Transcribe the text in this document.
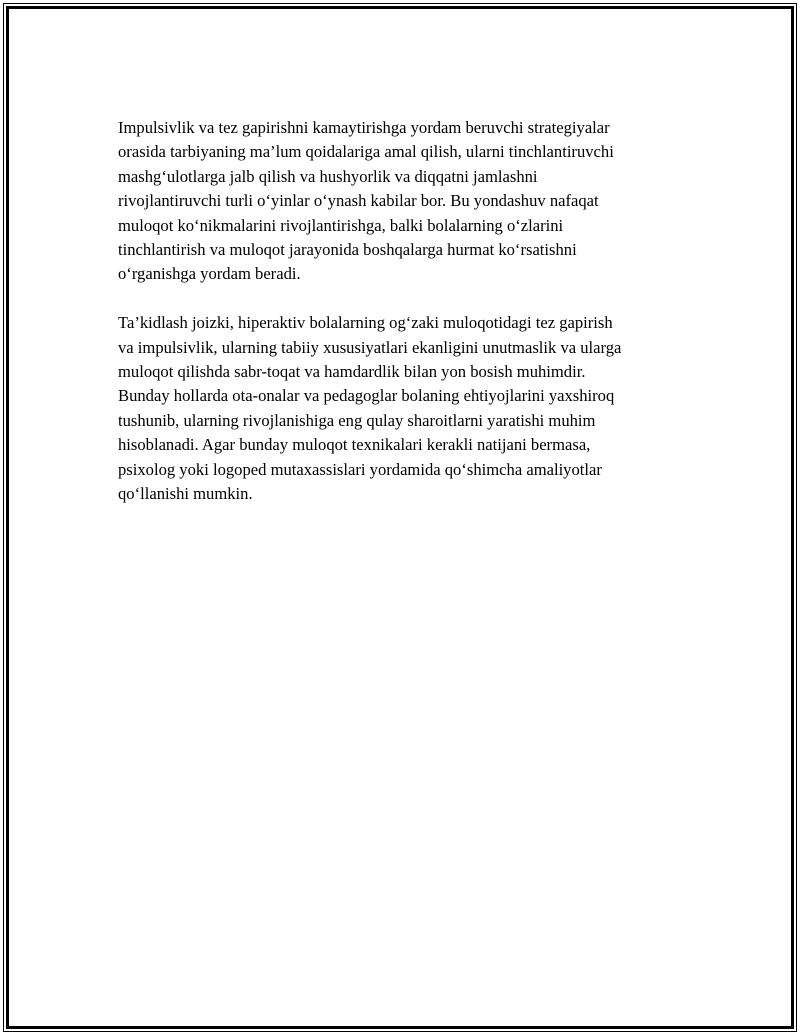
Impulsivlik va tez gapirishni kamaytirishga yordam beruvchi strategiyalar
orasida tarbiyaning ma’lum qoidalariga amal qilish, ularni tinchlantiruvchi
mashg‘ulotlarga jalb qilish va hushyorlik va diqqatni jamlashni
rivojlantiruvchi turli o‘yinlar o‘ynash kabilar bor. Bu yondashuv nafaqat
muloqot ko‘nikmalarini rivojlantirishga, balki bolalarning o‘zlarini
tinchlantirish va muloqot jarayonida boshqalarga hurmat ko‘rsatishni
o‘rganishga yordam beradi.

Ta’kidlash joizki, hiperaktiv bolalarning og‘zaki muloqotidagi tez gapirish
va impulsivlik, ularning tabiiy xususiyatlari ekanligini unutmaslik va ularga
muloqot qilishda sabr-toqat va hamdardlik bilan yon bosish muhimdir.
Bunday hollarda ota-onalar va pedagoglar bolaning ehtiyojlarini yaxshiroq
tushunib, ularning rivojlanishiga eng qulay sharoitlarni yaratishi muhim
hisoblanadi. Agar bunday muloqot texnikalari kerakli natijani bermasa,
psixolog yoki logoped mutaxassislari yordamida qo‘shimcha amaliyotlar
qo‘llanishi mumkin.
